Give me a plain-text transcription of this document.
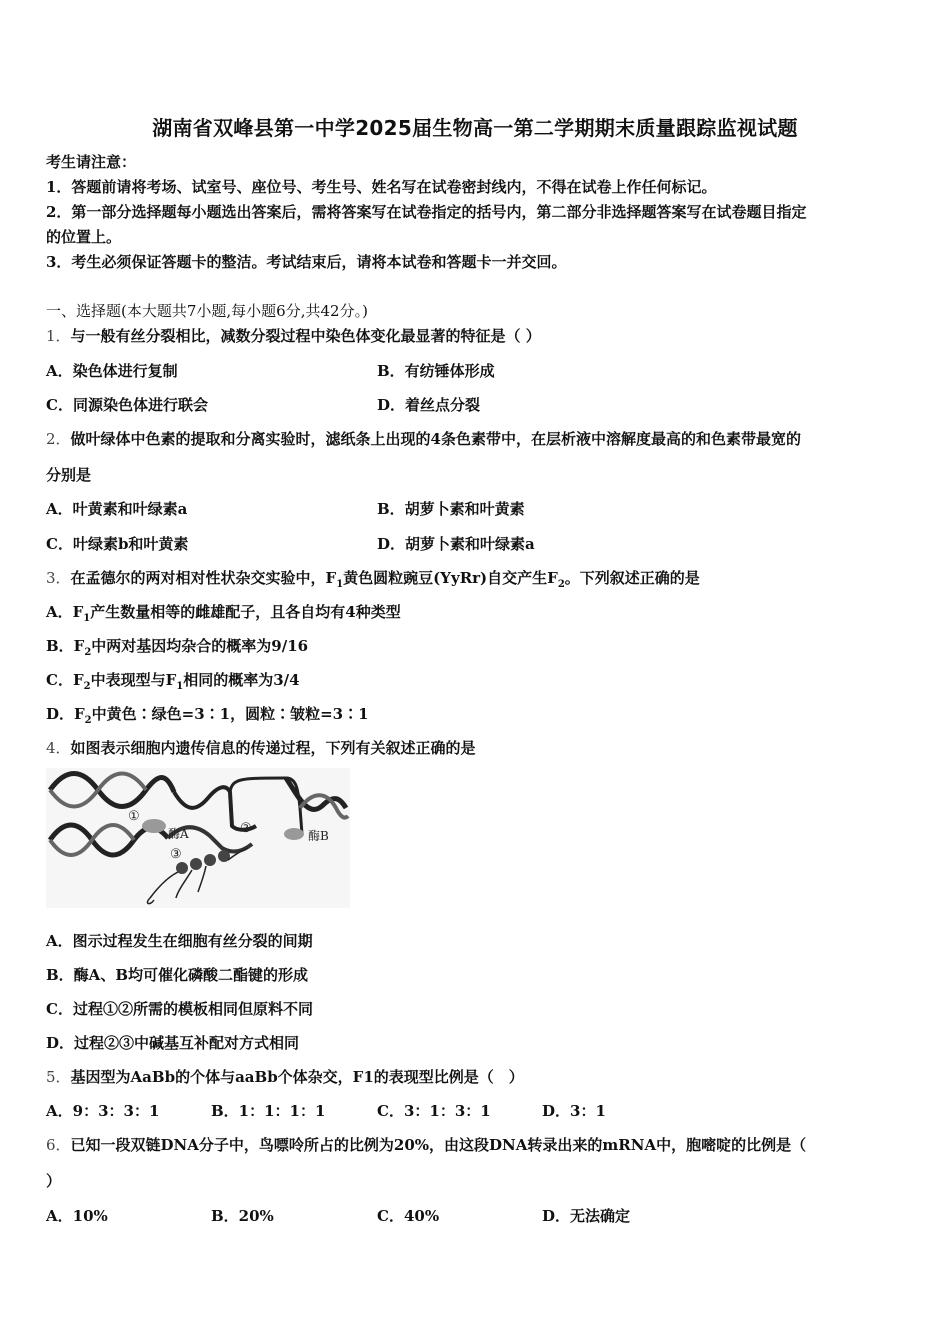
湖南省双峰县第一中学2025届生物高一第二学期期末质量跟踪监视试题
考生请注意：
1．答题前请将考场、试室号、座位号、考生号、姓名写在试卷密封线内，不得在试卷上作任何标记。
2．第一部分选择题每小题选出答案后，需将答案写在试卷指定的括号内，第二部分非选择题答案写在试卷题目指定
的位置上。
3．考生必须保证答题卡的整洁。考试结束后，请将本试卷和答题卡一并交回。
一、选择题(本大题共7小题,每小题6分,共42分。)
1．与一般有丝分裂相比，减数分裂过程中染色体变化最显著的特征是（ ）
A．染色体进行复制	B．有纺锤体形成
C．同源染色体进行联会	D．着丝点分裂
2．做叶绿体中色素的提取和分离实验时，滤纸条上出现的4条色素带中，在层析液中溶解度最高的和色素带最宽的
分别是
A．叶黄素和叶绿素a	B．胡萝卜素和叶黄素
C．叶绿素b和叶黄素	D．胡萝卜素和叶绿素a
3．在孟德尔的两对相对性状杂交实验中，$F_1$黄色圆粒豌豆(YyRr)自交产生$F_2$。下列叙述正确的是
A．$F_1$产生数量相等的雌雄配子，且各自均有4种类型
B．$F_2$中两对基因均杂合的概率为9/16
C．$F_2$中表现型与$F_1$相同的概率为3/4
D．$F_2$中黄色∶绿色=3∶1，圆粒∶皱粒=3∶1
4．如图表示细胞内遗传信息的传递过程，下列有关叙述正确的是
①
酶A	②	酶B
③
A．图示过程发生在细胞有丝分裂的间期
B．酶A、B均可催化磷酸二酯键的形成
C．过程①②所需的模板相同但原料不同
D．过程②③中碱基互补配对方式相同
5．基因型为AaBb的个体与aaBb个体杂交，F1的表现型比例是（　）
A．9：3：3：1	B．1：1：1：1	C．3：1：3：1	D．3：1
6．已知一段双链DNA分子中，鸟嘌呤所占的比例为20%，由这段DNA转录出来的mRNA中，胞嘧啶的比例是（
）
A．10%	B．20%	C．40%	D．无法确定
